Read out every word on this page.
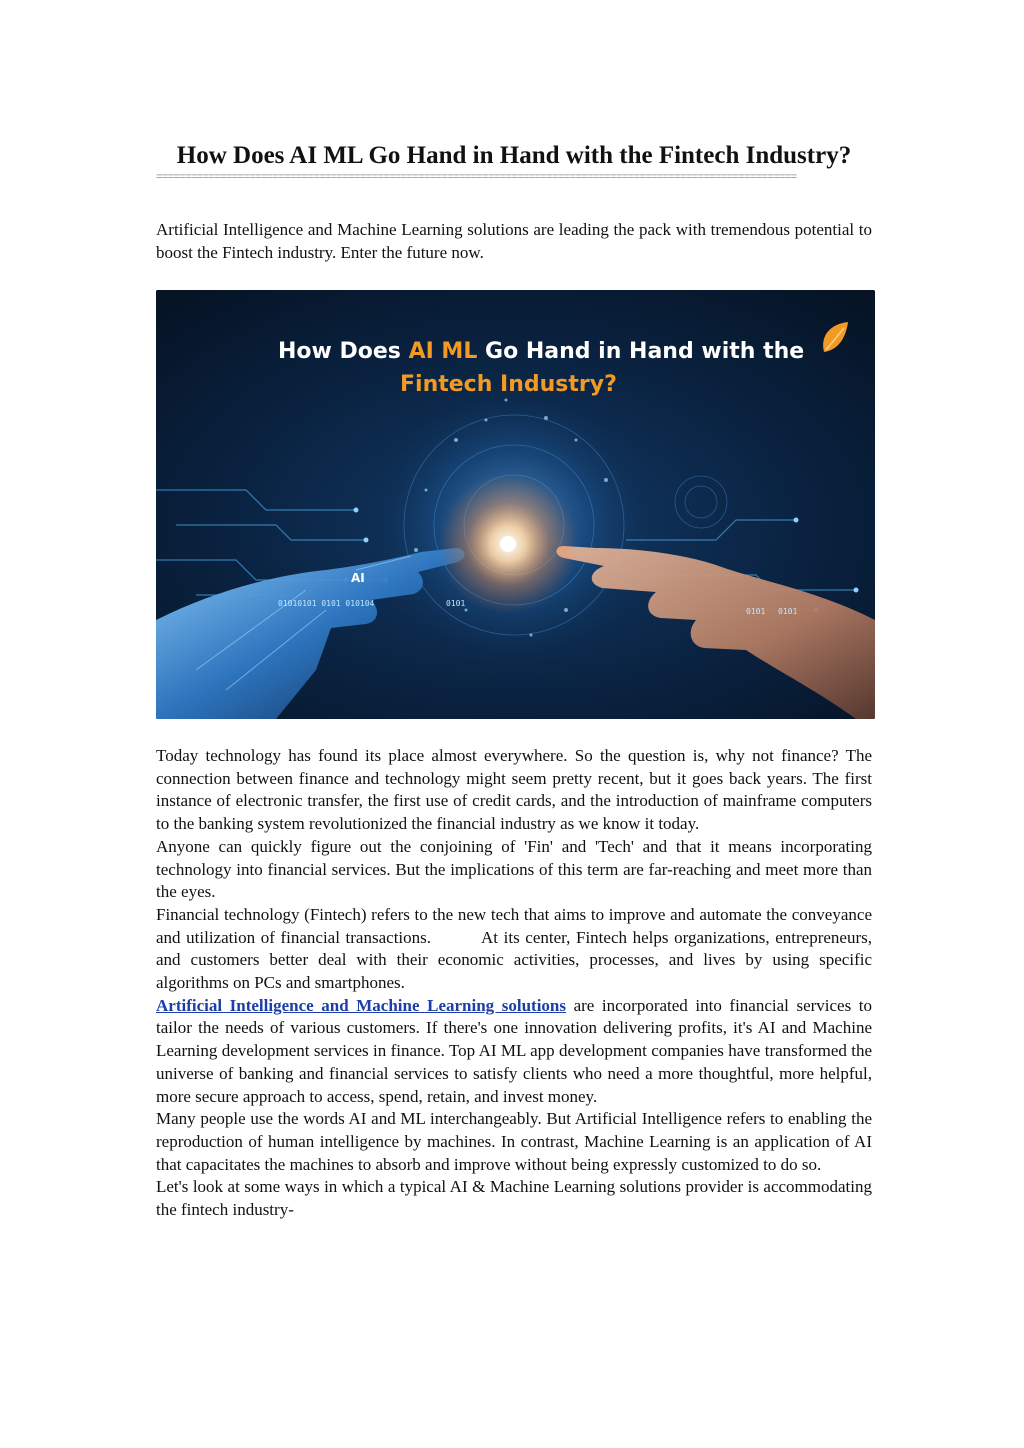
How Does AI ML Go Hand in Hand with the Fintech Industry?
==============================================================================================================

Artificial Intelligence and Machine Learning solutions are leading the pack with tremendous potential to boost the Fintech industry. Enter the future now.

How Does AI ML Go Hand in Hand with the
Fintech Industry?
AI
01010101 0101 010104	0101
0101 0101

Today technology has found its place almost everywhere. So the question is, why not finance? The connection between finance and technology might seem pretty recent, but it goes back years. The first instance of electronic transfer, the first use of credit cards, and the introduction of mainframe computers to the banking system revolutionized the financial industry as we know it today.

Anyone can quickly figure out the conjoining of 'Fin' and 'Tech' and that it means incorporating technology into financial services. But the implications of this term are far-reaching and meet more than the eyes.

Financial technology (Fintech) refers to the new tech that aims to improve and automate the conveyance and utilization of financial transactions.	At its center, Fintech helps organizations, entrepreneurs, and customers better deal with their economic activities, processes, and lives by using specific algorithms on PCs and smartphones.

Artificial Intelligence and Machine Learning solutions are incorporated into financial services to tailor the needs of various customers. If there's one innovation delivering profits, it's AI and Machine Learning development services in finance. Top AI ML app development companies have transformed the universe of banking and financial services to satisfy clients who need a more thoughtful, more helpful, more secure approach to access, spend, retain, and invest money.

Many people use the words AI and ML interchangeably. But Artificial Intelligence refers to enabling the reproduction of human intelligence by machines. In contrast, Machine Learning is an application of AI that capacitates the machines to absorb and improve without being expressly customized to do so.

Let's look at some ways in which a typical AI & Machine Learning solutions provider is accommodating the fintech industry-
